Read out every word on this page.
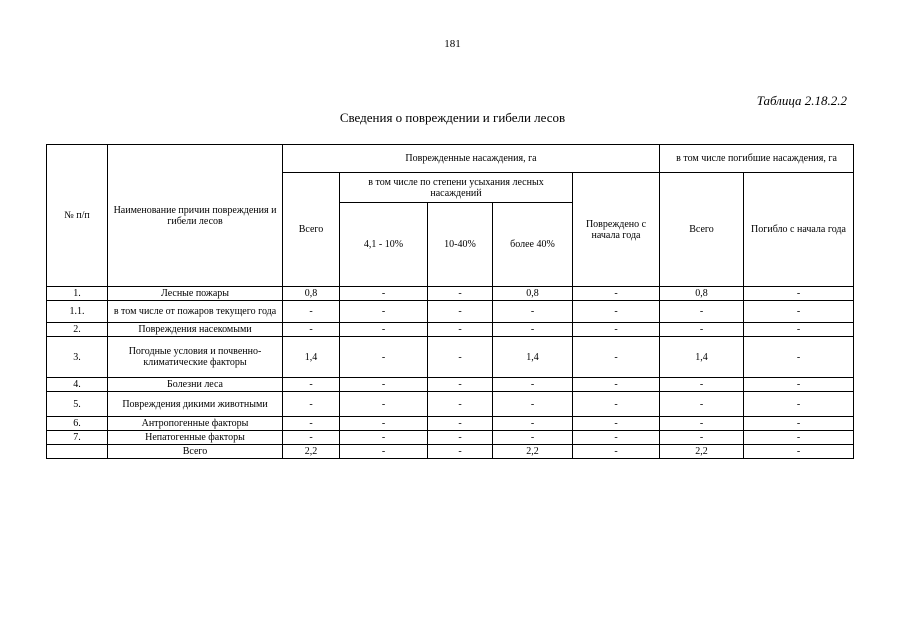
181
Таблица 2.18.2.2
Сведения о повреждении и гибели лесов
№ п/п	Наименование причин повреждения и гибели лесов	Поврежденные насаждения, га					в том числе погибшие насаждения, га	
		Всего	в том числе по степени усыхания лесных насаждений			Повреждено с начала года	Всего	Погибло с начала года
			4,1 - 10%	10-40%	более 40%			
1.	Лесные пожары	0,8	-	-	0,8	-	0,8	-
1.1.	в том числе от пожаров текущего года	-	-	-	-	-	-	-
2.	Повреждения насекомыми	-	-	-	-	-	-	-
3.	Погодные условия и почвенно-климатические факторы	1,4	-	-	1,4	-	1,4	-
4.	Болезни леса	-	-	-	-	-	-	-
5.	Повреждения дикими животными	-	-	-	-	-	-	-
6.	Антропогенные факторы	-	-	-	-	-	-	-
7.	Непатогенные факторы	-	-	-	-	-	-	-
	Всего	2,2	-	-	2,2	-	2,2	-
